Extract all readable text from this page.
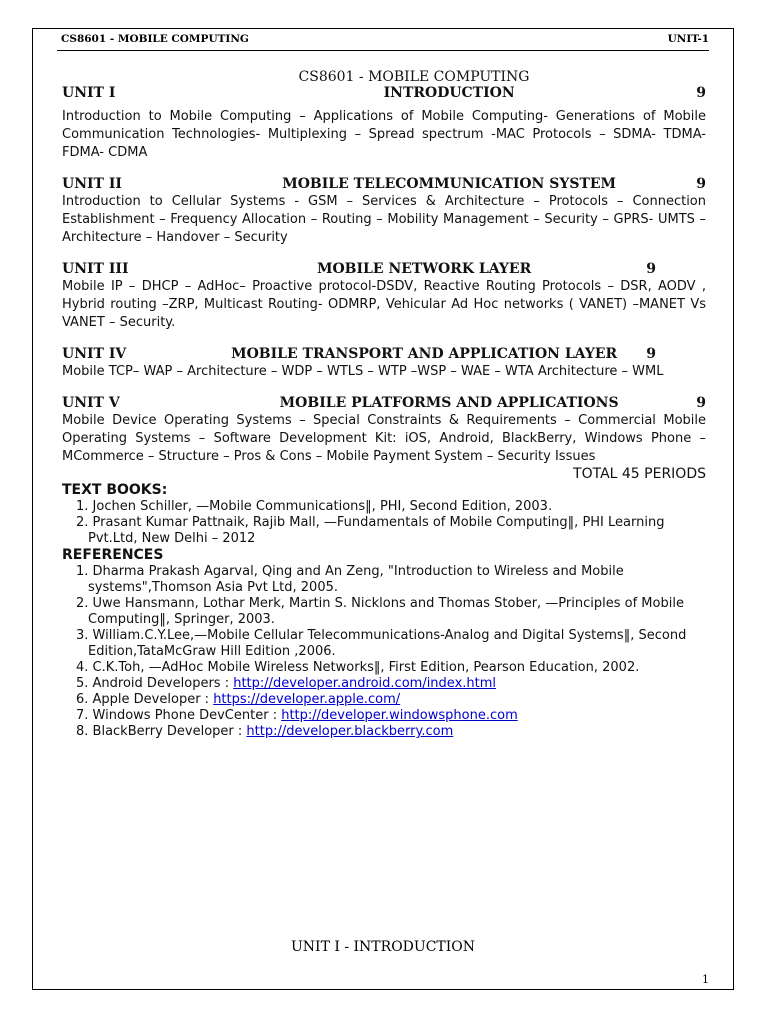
CS8601 - MOBILE COMPUTING	UNIT-1
CS8601 - MOBILE COMPUTING
UNIT I	INTRODUCTION	9

Introduction to Mobile Computing – Applications of Mobile Computing- Generations of Mobile Communication Technologies- Multiplexing – Spread spectrum -MAC Protocols – SDMA- TDMA- FDMA- CDMA

UNIT II	MOBILE TELECOMMUNICATION SYSTEM	9

Introduction to Cellular Systems - GSM – Services & Architecture – Protocols – Connection Establishment – Frequency Allocation – Routing – Mobility Management – Security – GPRS- UMTS – Architecture – Handover – Security

UNIT III	MOBILE NETWORK LAYER	9

Mobile IP – DHCP – AdHoc– Proactive protocol-DSDV, Reactive Routing Protocols – DSR, AODV , Hybrid routing –ZRP, Multicast Routing- ODMRP, Vehicular Ad Hoc networks ( VANET) –MANET Vs VANET – Security.

UNIT IV	MOBILE TRANSPORT AND APPLICATION LAYER	9

Mobile TCP– WAP – Architecture – WDP – WTLS – WTP –WSP – WAE – WTA Architecture – WML

UNIT V	MOBILE PLATFORMS AND APPLICATIONS	9

Mobile Device Operating Systems – Special Constraints & Requirements – Commercial Mobile Operating Systems – Software Development Kit: iOS, Android, BlackBerry, Windows Phone – MCommerce – Structure – Pros & Cons – Mobile Payment System – Security Issues

TOTAL 45 PERIODS
TEXT BOOKS:
1. Jochen Schiller, —Mobile Communications‖, PHI, Second Edition, 2003.
2. Prasant Kumar Pattnaik, Rajib Mall, —Fundamentals of Mobile Computing‖, PHI Learning Pvt.Ltd, New Delhi – 2012
REFERENCES
1. Dharma Prakash Agarval, Qing and An Zeng, "Introduction to Wireless and Mobile systems",Thomson Asia Pvt Ltd, 2005.
2. Uwe Hansmann, Lothar Merk, Martin S. Nicklons and Thomas Stober, —Principles of Mobile Computing‖, Springer, 2003.
3. William.C.Y.Lee,—Mobile Cellular Telecommunications-Analog and Digital Systems‖, Second Edition,TataMcGraw Hill Edition ,2006.
4. C.K.Toh, —AdHoc Mobile Wireless Networks‖, First Edition, Pearson Education, 2002.
5. Android Developers : http://developer.android.com/index.html
6. Apple Developer : https://developer.apple.com/
7. Windows Phone DevCenter : http://developer.windowsphone.com
8. BlackBerry Developer : http://developer.blackberry.com
UNIT I - INTRODUCTION
1
